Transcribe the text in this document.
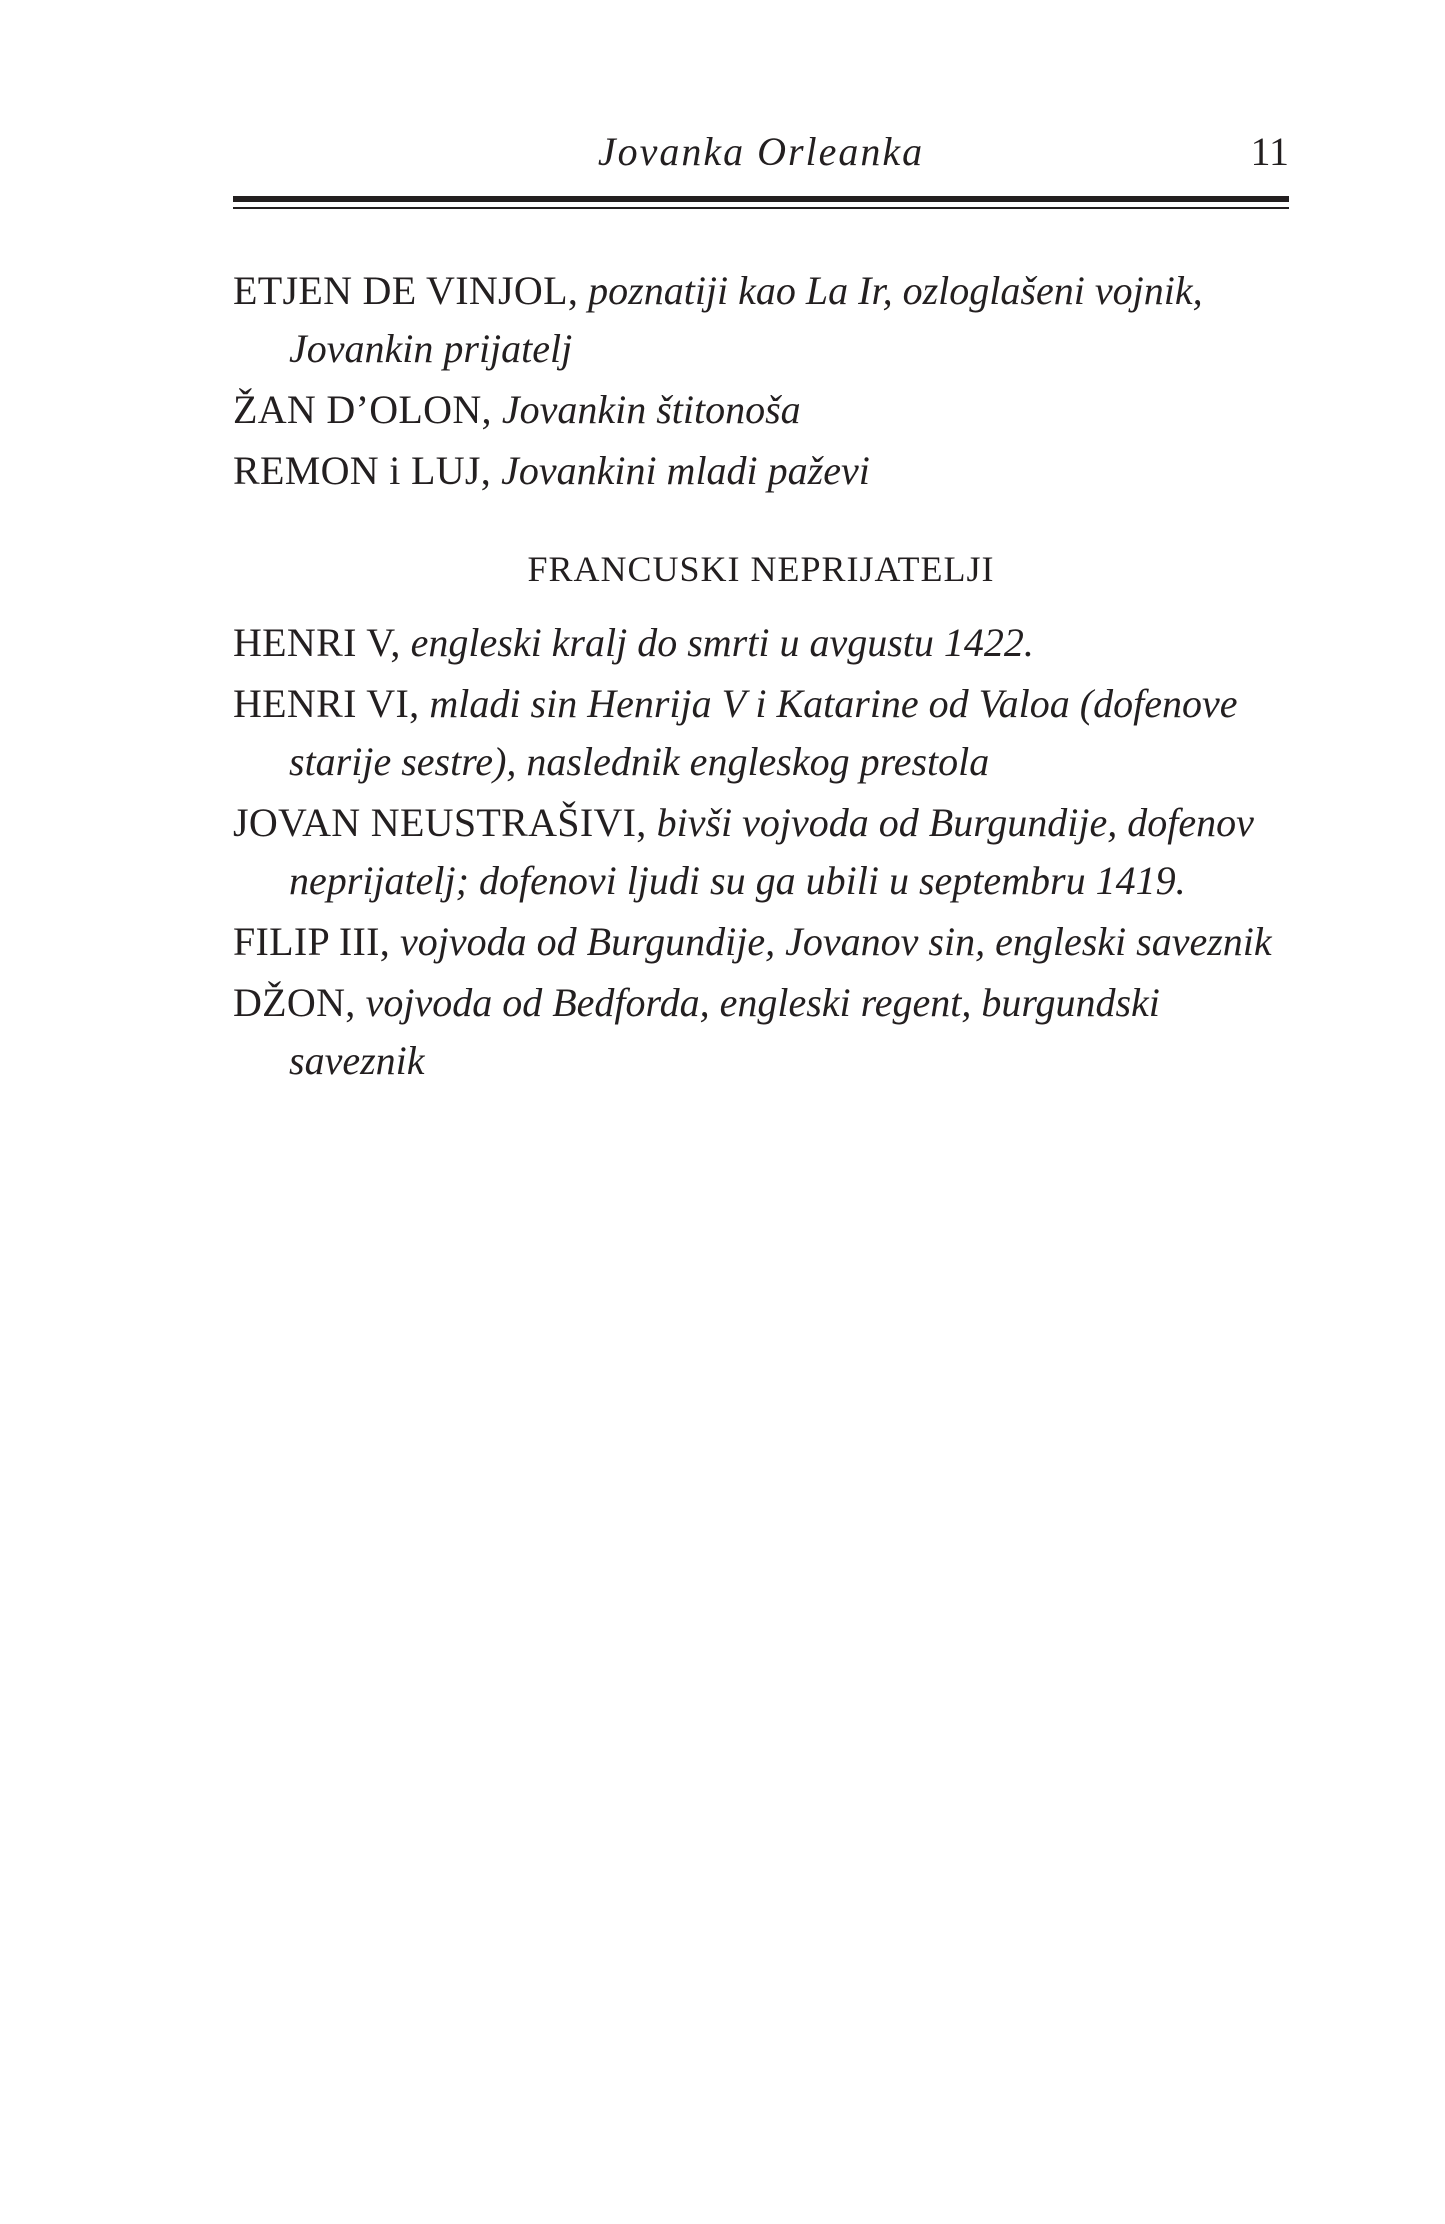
Jovanka Orleanka	11

ETJEN DE VINJOL, poznatiji kao La Ir, ozloglašeni vojnik, Jovankin prijatelj

ŽAN D’OLON, Jovankin štitonoša

REMON i LUJ, Jovankini mladi paževi

FRANCUSKI NEPRIJATELJI

HENRI V, engleski kralj do smrti u avgustu 1422.

HENRI VI, mladi sin Henrija V i Katarine od Valoa (dofenove starije sestre), naslednik engleskog prestola

JOVAN NEUSTRAŠIVI, bivši vojvoda od Burgundije, dofenov neprijatelj; dofenovi ljudi su ga ubili u septembru 1419.

FILIP III, vojvoda od Burgundije, Jovanov sin, engleski saveznik

DŽON, vojvoda od Bedforda, engleski regent, burgundski saveznik
